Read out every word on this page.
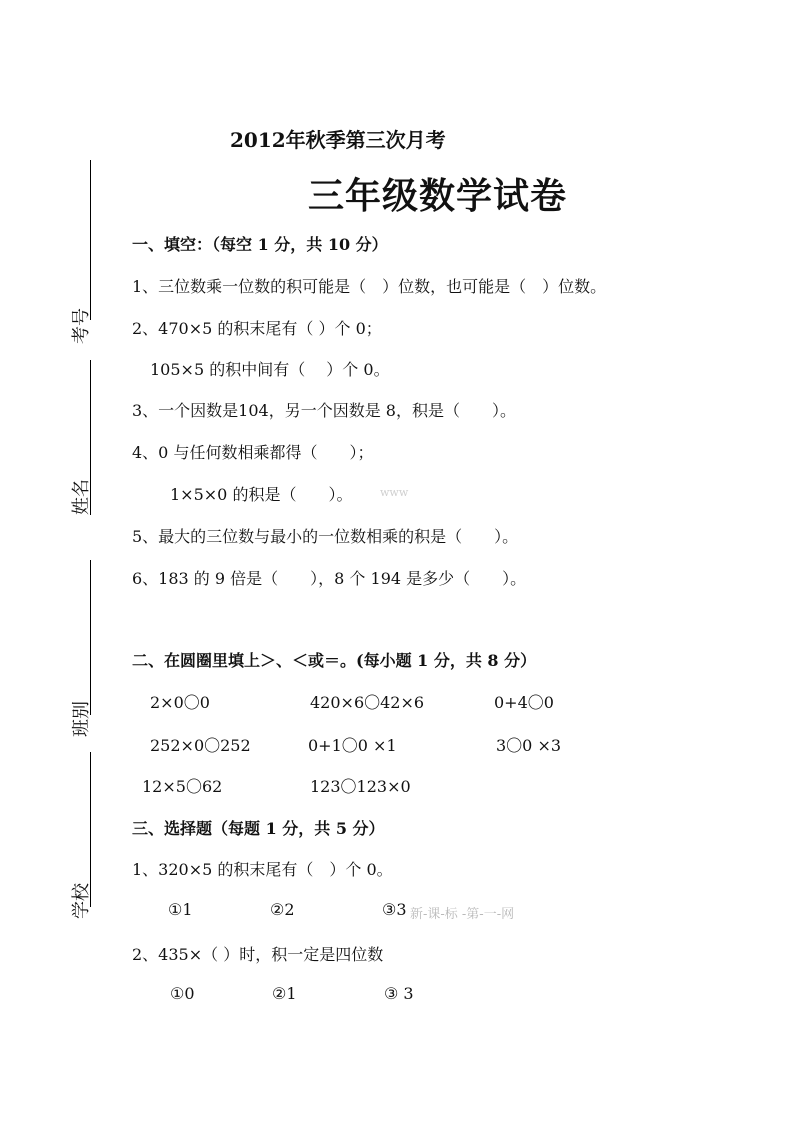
考号
姓名
班别
学校
2012年秋季第三次月考
三年级数学试卷
一、填空：（每空 1 分，共 10 分）
1、三位数乘一位数的积可能是（　）位数，也可能是（　）位数。
2、470×5 的积末尾有（ ）个 0；
105×5 的积中间有（　 ）个 0。
3、一个因数是104，另一个因数是 8，积是（　　）。
4、0 与任何数相乘都得（　　）；
1×5×0 的积是（　　）。	www
5、最大的三位数与最小的一位数相乘的积是（　　）。
6、183 的 9 倍是（　　），8 个 194 是多少（　　）。
二、在圆圈里填上＞、＜或＝。(每小题 1 分，共 8 分）
2×0〇0	420×6〇42×6	0+4〇0
252×0〇252	0+1〇0 ×1	3〇0 ×3
12×5〇62	123〇123×0
三、选择题（每题 1 分，共 5 分）
1、320×5 的积末尾有（　）个 0。
①1	②2	③3 新-课-标 -第-一-网
2、435×（ ）时，积一定是四位数
①0	②1	③ 3
